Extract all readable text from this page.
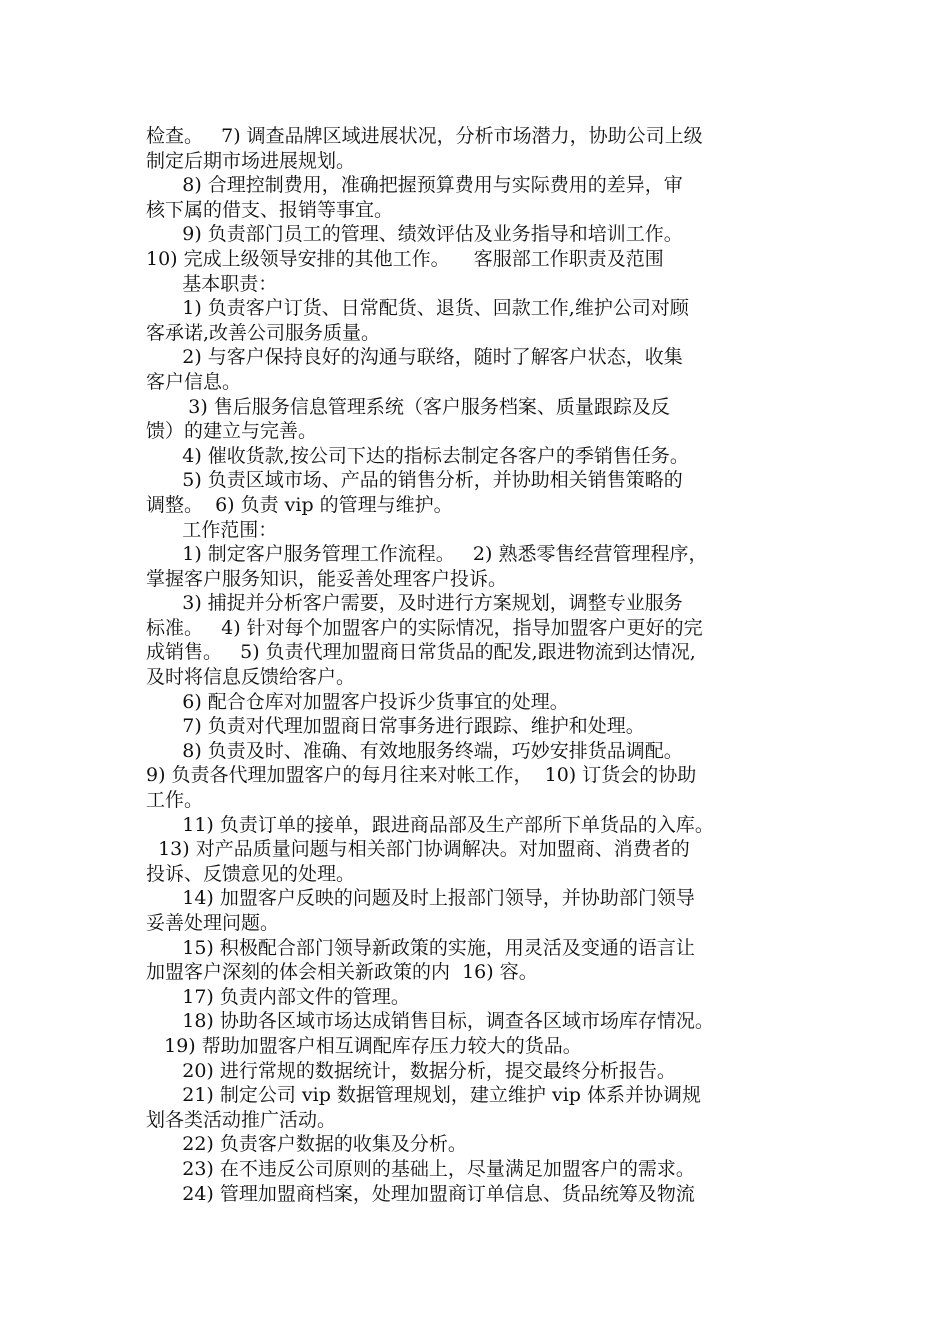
检查。   7) 调查品牌区域进展状况，分析市场潜力，协助公司上级
制定后期市场进展规划。
8) 合理控制费用，准确把握预算费用与实际费用的差异，审
核下属的借支、报销等事宜。
9) 负责部门员工的管理、绩效评估及业务指导和培训工作。
10) 完成上级领导安排的其他工作。    客服部工作职责及范围
基本职责：
1) 负责客户订货、日常配货、退货、回款工作,维护公司对顾
客承诺,改善公司服务质量。
2) 与客户保持良好的沟通与联络，随时了解客户状态，收集
客户信息。
3) 售后服务信息管理系统（客户服务档案、质量跟踪及反
馈）的建立与完善。
4) 催收货款,按公司下达的指标去制定各客户的季销售任务。
5) 负责区域市场、产品的销售分析，并协助相关销售策略的
调整。  6) 负责 vip 的管理与维护。
工作范围：
1) 制定客户服务管理工作流程。   2) 熟悉零售经营管理程序，
掌握客户服务知识，能妥善处理客户投诉。
3) 捕捉并分析客户需要，及时进行方案规划，调整专业服务
标准。   4) 针对每个加盟客户的实际情况，指导加盟客户更好的完
成销售。   5) 负责代理加盟商日常货品的配发,跟进物流到达情况,
及时将信息反馈给客户。
6) 配合仓库对加盟客户投诉少货事宜的处理。
7) 负责对代理加盟商日常事务进行跟踪、维护和处理。
8) 负责及时、准确、有效地服务终端，巧妙安排货品调配。
9) 负责各代理加盟客户的每月往来对帐工作，  10) 订货会的协助
工作。
11) 负责订单的接单，跟进商品部及生产部所下单货品的入库。
13) 对产品质量问题与相关部门协调解决。对加盟商、消费者的
投诉、反馈意见的处理。
14) 加盟客户反映的问题及时上报部门领导，并协助部门领导
妥善处理问题。
15) 积极配合部门领导新政策的实施，用灵活及变通的语言让
加盟客户深刻的体会相关新政策的内  16) 容。
17) 负责内部文件的管理。
18) 协助各区域市场达成销售目标，调查各区域市场库存情况。
19) 帮助加盟客户相互调配库存压力较大的货品。
20) 进行常规的数据统计，数据分析，提交最终分析报告。
21) 制定公司 vip 数据管理规划，建立维护 vip 体系并协调规
划各类活动推广活动。
22) 负责客户数据的收集及分析。
23) 在不违反公司原则的基础上，尽量满足加盟客户的需求。
24) 管理加盟商档案，处理加盟商订单信息、货品统筹及物流
